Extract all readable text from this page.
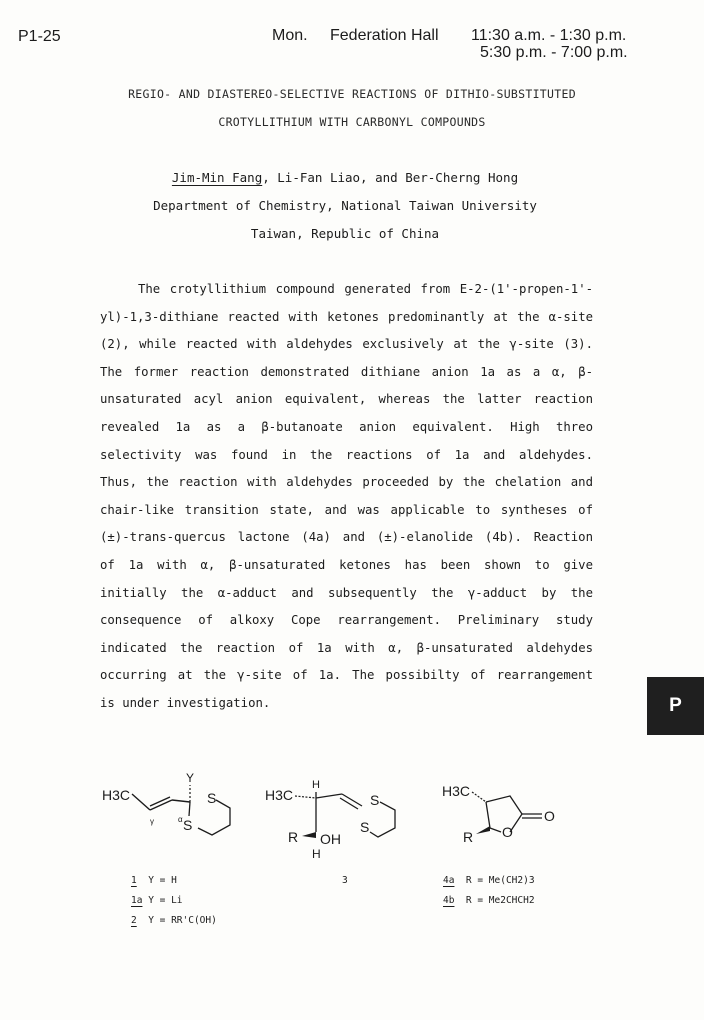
P1-25	Mon. Federation Hall 11:30 a.m. - 1:30 p.m.
5:30 p.m. - 7:00 p.m.
REGIO- AND DIASTEREO-SELECTIVE REACTIONS OF DITHIO-SUBSTITUTED
CROTYLLITHIUM WITH CARBONYL COMPOUNDS
Jim-Min Fang, Li-Fan Liao, and Ber-Cherng Hong
Department of Chemistry, National Taiwan University
Taiwan, Republic of China
The crotyllithium compound generated from E-2-(1'-propen-1'-
yl)-1,3-dithiane reacted with ketones predominantly at the α-site
(2), while reacted with aldehydes exclusively at the γ-site (3).
The former reaction demonstrated dithiane anion 1a as a α, β-
unsaturated acyl anion equivalent, whereas the latter reaction
revealed 1a as a β-butanoate anion equivalent. High threo
selectivity was found in the reactions of 1a and aldehydes.
Thus, the reaction with aldehydes proceeded by the chelation and
chair-like transition state, and was applicable to syntheses of
(±)-trans-quercus lactone (4a) and (±)-elanolide (4b). Reaction
of 1a with α, β-unsaturated ketones has been shown to give
initially the α-adduct and subsequently the γ-adduct by the
consequence of alkoxy Cope rearrangement. Preliminary study
indicated the reaction of 1a with α, β-unsaturated aldehydes
occurring at the γ-site of 1a. The possibilty of rearrangement
is under investigation.	P
H3C
Y
S
S
γ	α
H3C
H
S
S
R OH
H
H3C
O
O
R
1 Y = H
1a Y = Li
2 Y = RR'C(OH)
3	4a R = Me(CH2)3
4b R = Me2CHCH2
